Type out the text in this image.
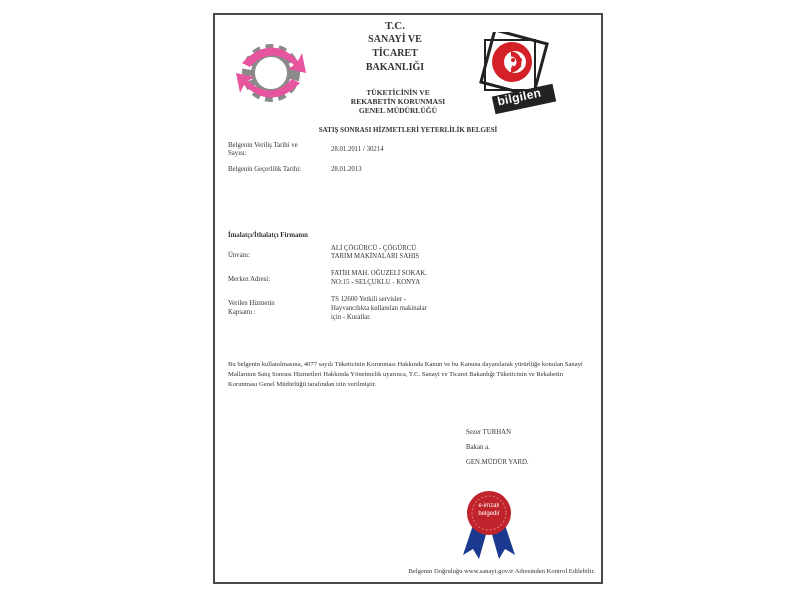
T.C.
SANAYİ VE
TİCARET
BAKANLIĞI
TÜKETİCİNİN VE
REKABETİN KORUNMASI
GENEL MÜDÜRLÜĞÜ
bilgilen
SATIŞ SONRASI HİZMETLERİ YETERLİLİK BELGESİ
Belgenin Veriliş Tarihi ve
Sayısı:
28.01.2011 / 30214
Belgenin Geçerlilik Tarihi:	28.01.2013
İmalatçı/İthalatçı Firmanın
Ünvanı:
ALİ ÇÖGÜRCÜ - ÇÖGÜRCÜ
TARIM MAKİNALARI SAHIS
Merkez Adresi:
FATİH MAH. OĞUZELİ SOKAK.
NO:15 - SELÇUKLU - KONYA
Verilen Hizmetin
Kapsamı :
TS 12600 Yetkili servisler -
Hayvancılıkta kullanılan makinalar
için - Kurallar.
Bu belgenin kullanılmasına, 4077 sayılı Tüketicinin Korunması Hakkında Kanun ve bu Kanuna dayanılarak yürürlüğe konulan Sanayi Mallarının Satış Sonrası Hizmetleri Hakkında Yönetmelik uyarınca, T.C. Sanayi ve Ticaret Bakanlığı Tüketicinin ve Rekabetin Korunması Genel Müdürlüğü tarafından izin verilmiştir.
Sezer TURHAN
Bakan a.
GEN.MÜDÜR YARD.
e-imzalı
belgedir
Belgenin Doğruluğu www.sanayi.gov.tr Adresinden Kontrol Edilebilir.
